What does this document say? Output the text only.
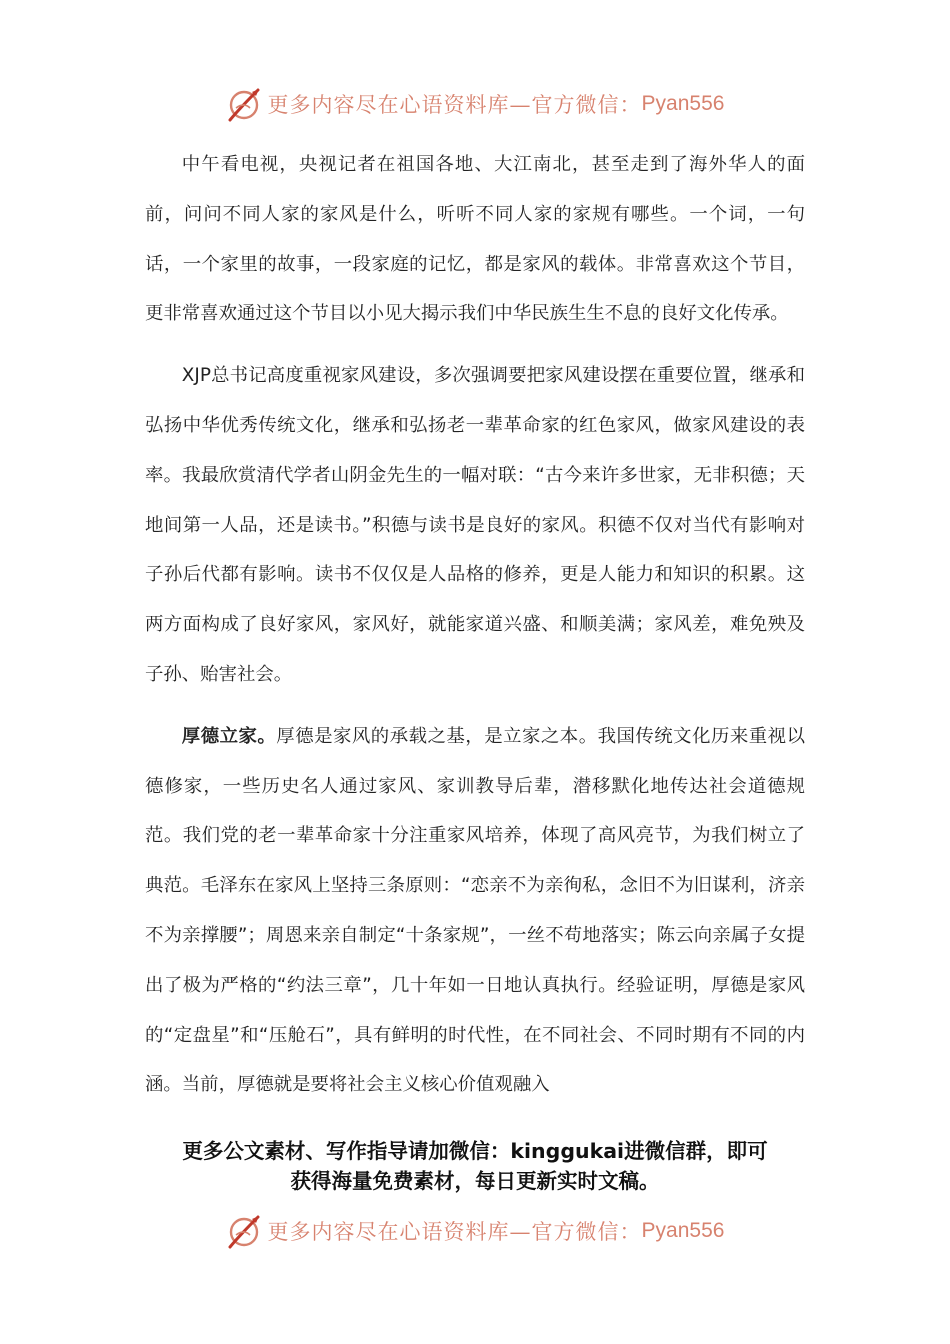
更多内容尽在心语资料库—官方微信： Pyan556

中午看电视，央视记者在祖国各地、大江南北，甚至走到了海外华人的面前，问问不同人家的家风是什么，听听不同人家的家规有哪些。一个词，一句话，一个家里的故事，一段家庭的记忆，都是家风的载体。非常喜欢这个节目，更非常喜欢通过这个节目以小见大揭示我们中华民族生生不息的良好文化传承。

XJP总书记高度重视家风建设，多次强调要把家风建设摆在重要位置，继承和弘扬中华优秀传统文化，继承和弘扬老一辈革命家的红色家风，做家风建设的表率。我最欣赏清代学者山阴金先生的一幅对联：“古今来许多世家，无非积德；天地间第一人品，还是读书。”积德与读书是良好的家风。积德不仅对当代有影响对子孙后代都有影响。读书不仅仅是人品格的修养，更是人能力和知识的积累。这两方面构成了良好家风，家风好，就能家道兴盛、和顺美满；家风差，难免殃及子孙、贻害社会。

厚德立家。厚德是家风的承载之基，是立家之本。我国传统文化历来重视以德修家，一些历史名人通过家风、家训教导后辈，潜移默化地传达社会道德规范。我们党的老一辈革命家十分注重家风培养，体现了高风亮节，为我们树立了典范。毛泽东在家风上坚持三条原则：“恋亲不为亲徇私，念旧不为旧谋利，济亲不为亲撑腰”；周恩来亲自制定“十条家规”，一丝不苟地落实；陈云向亲属子女提出了极为严格的“约法三章”，几十年如一日地认真执行。经验证明，厚德是家风的“定盘星”和“压舱石”，具有鲜明的时代性，在不同社会、不同时期有不同的内涵。当前，厚德就是要将社会主义核心价值观融入

更多公文素材、写作指导请加微信：kinggukai进微信群，即可
获得海量免费素材，每日更新实时文稿。
更多内容尽在心语资料库—官方微信： Pyan556
